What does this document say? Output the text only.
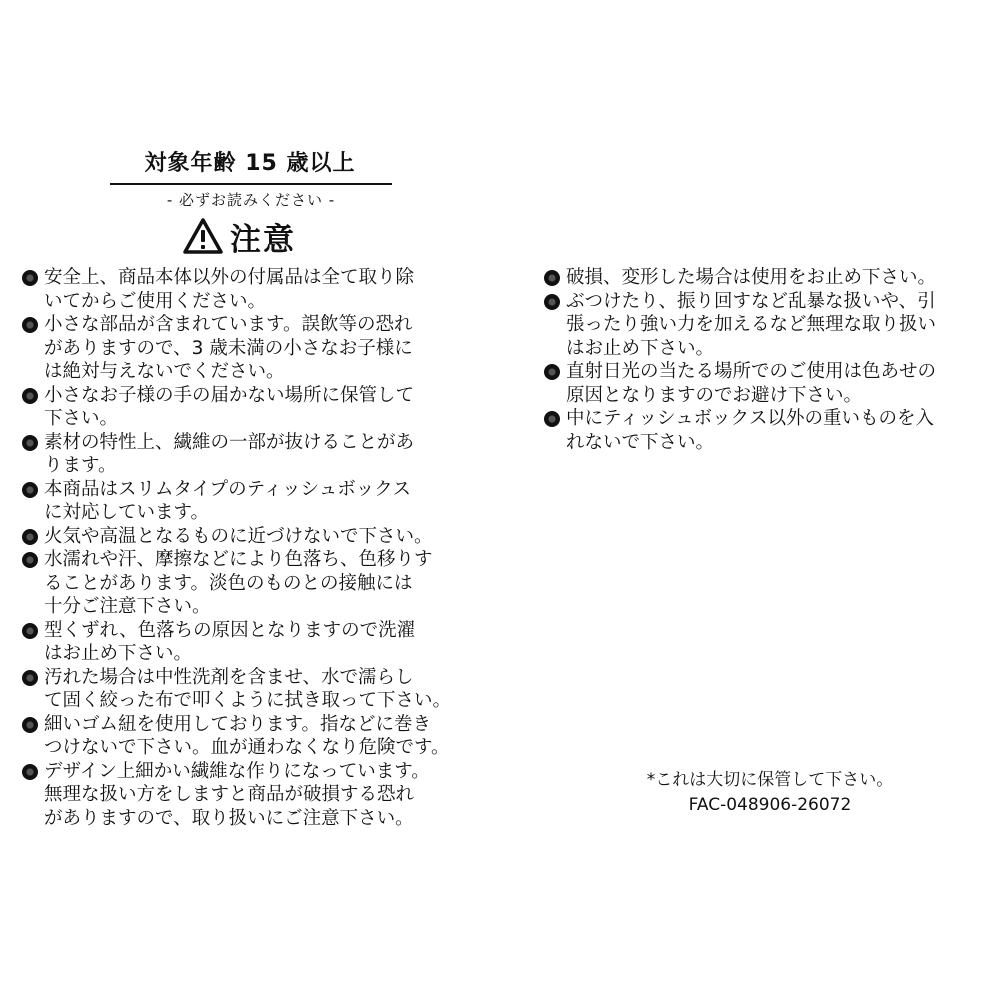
対象年齢 15 歳以上
- 必ずお読みください -
注意
安全上、商品本体以外の付属品は全て取り除
いてからご使用ください。
小さな部品が含まれています。誤飲等の恐れ
がありますので、3 歳未満の小さなお子様に
は絶対与えないでください。
小さなお子様の手の届かない場所に保管して
下さい。
素材の特性上、繊維の一部が抜けることがあ
ります。
本商品はスリムタイプのティッシュボックス
に対応しています。
火気や高温となるものに近づけないで下さい。
水濡れや汗、摩擦などにより色落ち、色移りす
ることがあります。淡色のものとの接触には
十分ご注意下さい。
型くずれ、色落ちの原因となりますので洗濯
はお止め下さい。
汚れた場合は中性洗剤を含ませ、水で濡らし
て固く絞った布で叩くように拭き取って下さい。
細いゴム紐を使用しております。指などに巻き
つけないで下さい。血が通わなくなり危険です。
デザイン上細かい繊維な作りになっています。
無理な扱い方をしますと商品が破損する恐れ
がありますので、取り扱いにご注意下さい。
破損、変形した場合は使用をお止め下さい。
ぶつけたり、振り回すなど乱暴な扱いや、引
張ったり強い力を加えるなど無理な取り扱い
はお止め下さい。
直射日光の当たる場所でのご使用は色あせの
原因となりますのでお避け下さい。
中にティッシュボックス以外の重いものを入
れないで下さい。
*これは大切に保管して下さい。
FAC-048906-26072
